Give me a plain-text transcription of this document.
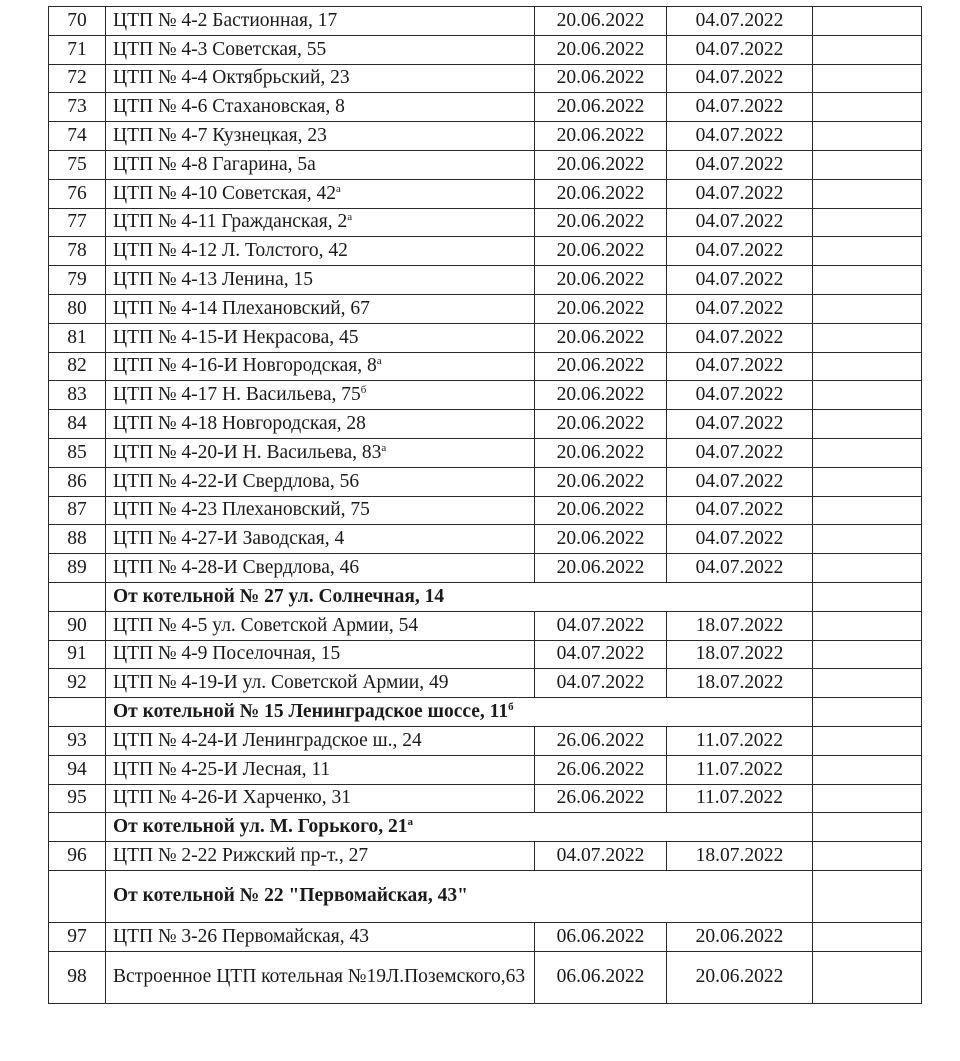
70	ЦТП № 4-2 Бастионная, 17	20.06.2022	04.07.2022	
71	ЦТП № 4-3 Советская, 55	20.06.2022	04.07.2022	
72	ЦТП № 4-4 Октябрьский, 23	20.06.2022	04.07.2022	
73	ЦТП № 4-6 Стахановская, 8	20.06.2022	04.07.2022	
74	ЦТП № 4-7 Кузнецкая, 23	20.06.2022	04.07.2022	
75	ЦТП № 4-8 Гагарина, 5а	20.06.2022	04.07.2022	
76	ЦТП № 4-10 Советская, $42^а$	20.06.2022	04.07.2022	
77	ЦТП № 4-11 Гражданская, $2^а$	20.06.2022	04.07.2022	
78	ЦТП № 4-12 Л. Толстого, 42	20.06.2022	04.07.2022	
79	ЦТП № 4-13 Ленина, 15	20.06.2022	04.07.2022	
80	ЦТП № 4-14 Плехановский, 67	20.06.2022	04.07.2022	
81	ЦТП № 4-15-И Некрасова, 45	20.06.2022	04.07.2022	
82	ЦТП № 4-16-И Новгородская, $8^а$	20.06.2022	04.07.2022	
83	ЦТП № 4-17 Н. Васильева, $75^б$	20.06.2022	04.07.2022	
84	ЦТП № 4-18 Новгородская, 28	20.06.2022	04.07.2022	
85	ЦТП № 4-20-И Н. Васильева, $83^а$	20.06.2022	04.07.2022	
86	ЦТП № 4-22-И Свердлова, 56	20.06.2022	04.07.2022	
87	ЦТП № 4-23 Плехановский, 75	20.06.2022	04.07.2022	
88	ЦТП № 4-27-И Заводская, 4	20.06.2022	04.07.2022	
89	ЦТП № 4-28-И Свердлова, 46	20.06.2022	04.07.2022	
	От котельной № 27 ул. Солнечная, 14			
90	ЦТП № 4-5 ул. Советской Армии, 54	04.07.2022	18.07.2022	
91	ЦТП № 4-9 Поселочная, 15	04.07.2022	18.07.2022	
92	ЦТП № 4-19-И ул. Советской Армии, 49	04.07.2022	18.07.2022	
	От котельной № 15 Ленинградское шоссе, $11^б$	
93	ЦТП № 4-24-И Ленинградское ш., 24	26.06.2022	11.07.2022	
94	ЦТП № 4-25-И Лесная, 11	26.06.2022	11.07.2022	
95	ЦТП № 4-26-И Харченко, 31	26.06.2022	11.07.2022	
	От котельной ул. М. Горького, $21^а$	
96	ЦТП № 2-22 Рижский пр-т., 27	04.07.2022	18.07.2022	
	От котельной № 22 "Первомайская, 43"			
97	ЦТП № 3-26 Первомайская, 43	06.06.2022	20.06.2022	
98	Встроенное ЦТП котельная №19Л.Поземского,63	06.06.2022	20.06.2022	
